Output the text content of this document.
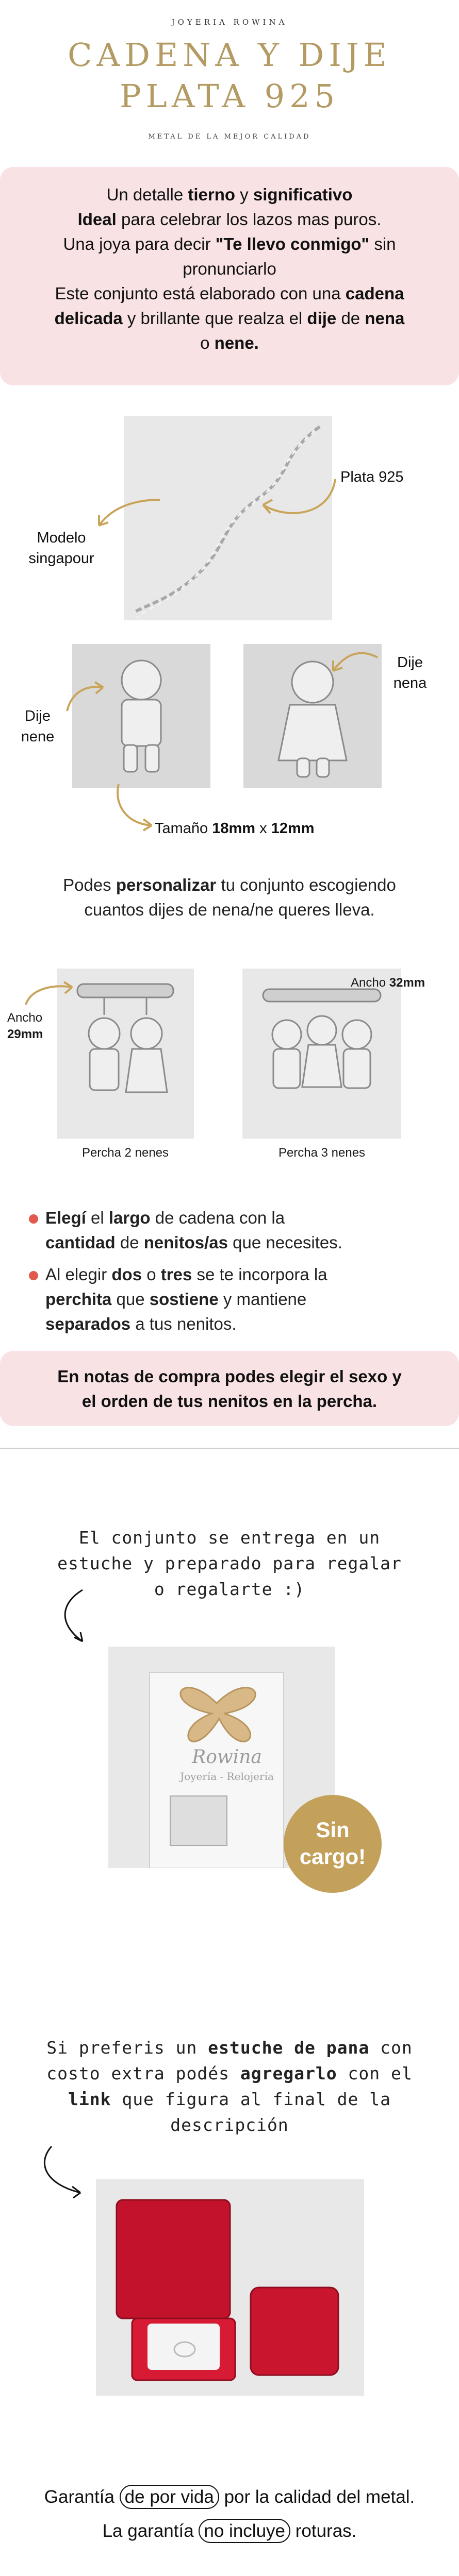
JOYERIA ROWINA
CADENA Y DIJE
PLATA 925
METAL DE LA MEJOR CALIDAD

Un detalle tierno y significativo

Ideal para celebrar los lazos mas puros.

Una joya para decir "Te llevo conmigo" sin

pronunciarlo

Este conjunto está elaborado con una cadena

delicada y brillante que realza el dije de nena

o nene.

Plata 925
Modelo
singapour
Dije
nene
Dije
nena
Tamaño 18mm x 12mm
Podes personalizar tu conjunto escogiendo
cuantos dijes de nena/ne queres lleva.
Ancho
29mm
Ancho 32mm
Percha 2 nenes	Percha 3 nenes
Elegí el largo de cadena con la
cantidad de nenitos/as que necesites.
Al elegir dos o tres se te incorpora la
perchita que sostiene y mantiene
separados a tus nenitos.
En notas de compra podes elegir el sexo y
el orden de tus nenitos en la percha.
El conjunto se entrega en un
estuche y preparado para regalar
o regalarte :)
Rowina
Joyería - Relojería
Sin
cargo!
Si preferis un estuche de pana con
costo extra podés agregarlo con el
link que figura al final de la
descripción
Garantía de por vida por la calidad del metal.
La garantía no incluye roturas.
